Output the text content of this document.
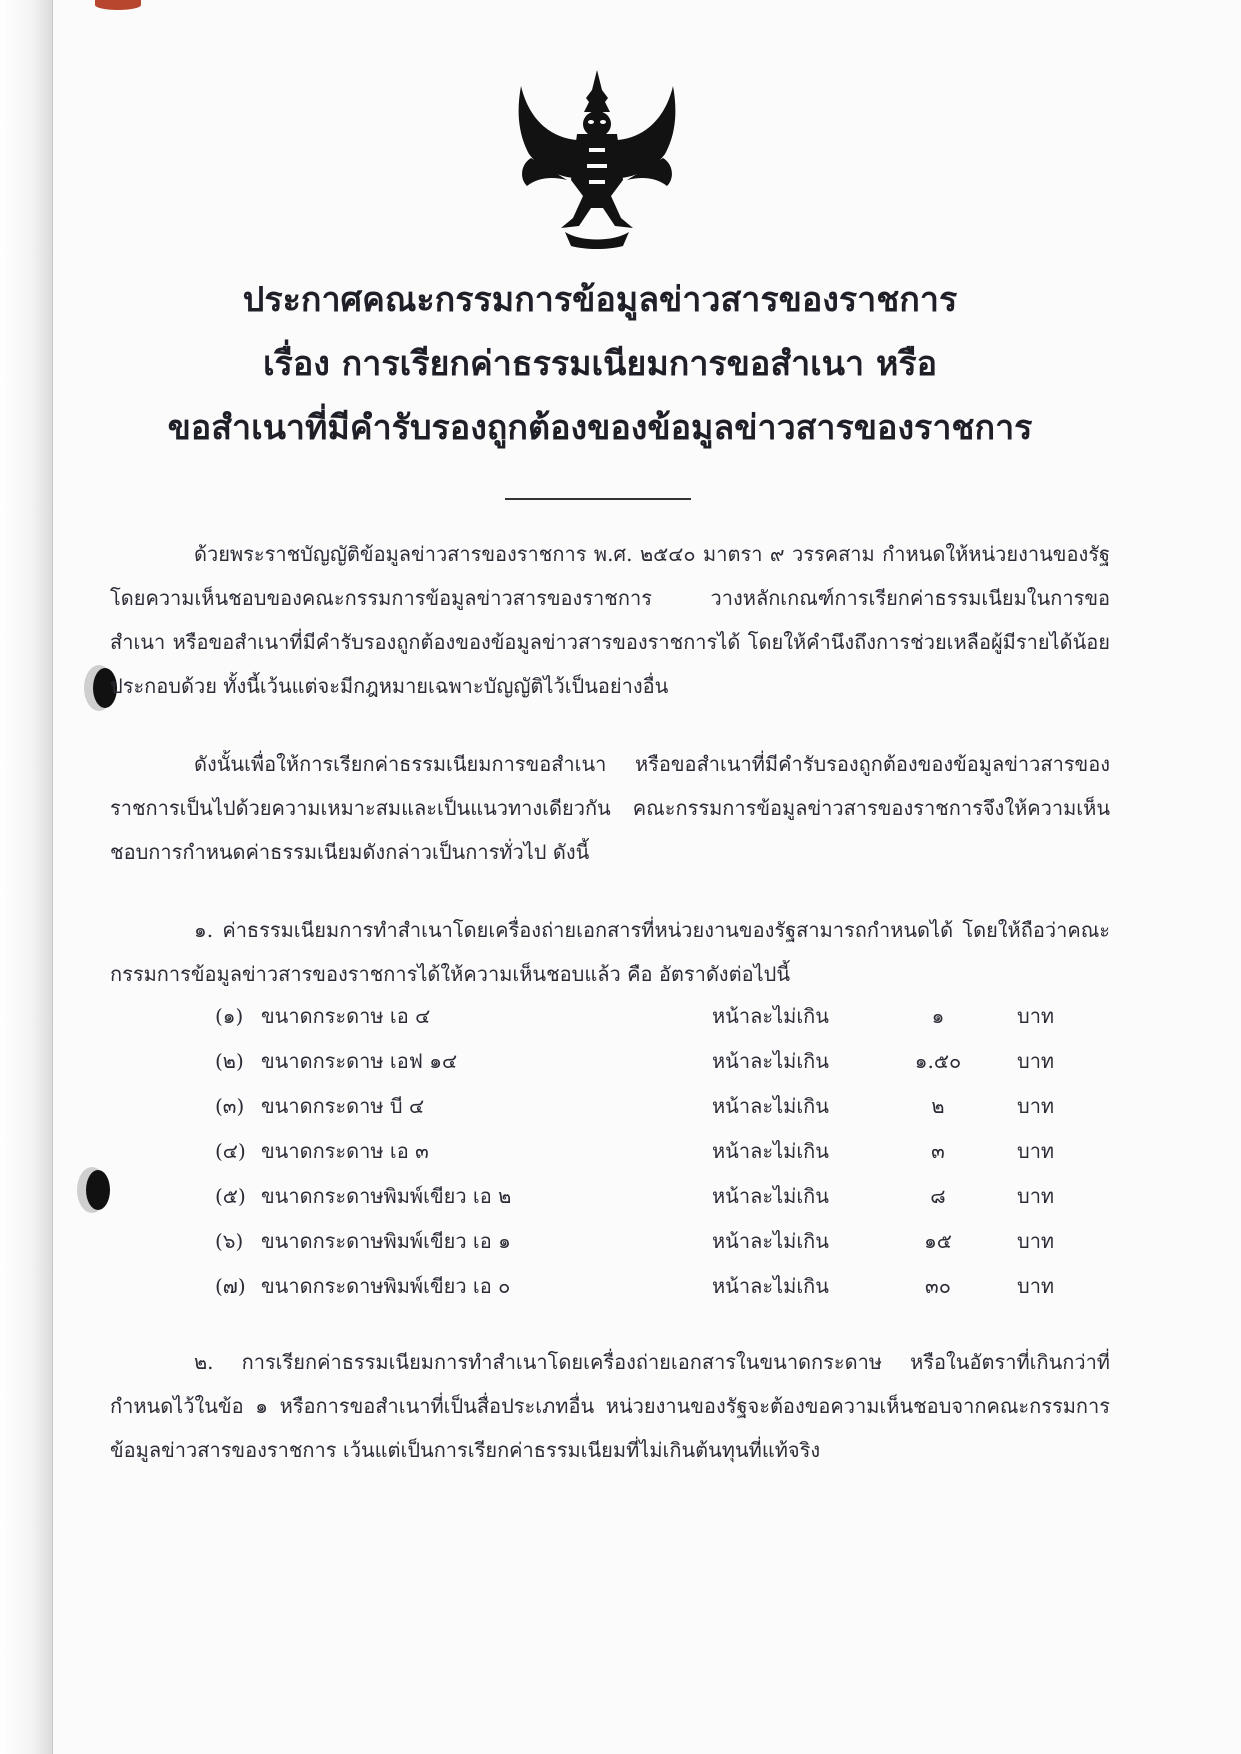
ประกาศคณะกรรมการข้อมูลข่าวสารของราชการ
เรื่อง การเรียกค่าธรรมเนียมการขอสำเนา หรือ
ขอสำเนาที่มีคำรับรองถูกต้องของข้อมูลข่าวสารของราชการ
ด้วยพระราชบัญญัติข้อมูลข่าวสารของราชการ พ.ศ. ๒๕๔๐ มาตรา ๙ วรรคสาม กำหนดให้หน่วยงานของรัฐโดยความเห็นชอบของคณะกรรมการข้อมูลข่าวสารของราชการ วางหลักเกณฑ์การเรียกค่าธรรมเนียมในการขอสำเนา หรือขอสำเนาที่มีคำรับรองถูกต้องของข้อมูลข่าวสารของราชการได้ โดยให้คำนึงถึงการช่วยเหลือผู้มีรายได้น้อยประกอบด้วย ทั้งนี้เว้นแต่จะมีกฎหมายเฉพาะบัญญัติไว้เป็นอย่างอื่น
ดังนั้นเพื่อให้การเรียกค่าธรรมเนียมการขอสำเนา หรือขอสำเนาที่มีคำรับรองถูกต้องของข้อมูลข่าวสารของราชการเป็นไปด้วยความเหมาะสมและเป็นแนวทางเดียวกัน คณะกรรมการข้อมูลข่าวสารของราชการจึงให้ความเห็นชอบการกำหนดค่าธรรมเนียมดังกล่าวเป็นการทั่วไป ดังนี้
๑. ค่าธรรมเนียมการทำสำเนาโดยเครื่องถ่ายเอกสารที่หน่วยงานของรัฐสามารถกำหนดได้ โดยให้ถือว่าคณะกรรมการข้อมูลข่าวสารของราชการได้ให้ความเห็นชอบแล้ว คือ อัตราดังต่อไปนี้
(๑) ขนาดกระดาษ เอ ๔	หน้าละไม่เกิน	๑	บาท
(๒) ขนาดกระดาษ เอฟ ๑๔	หน้าละไม่เกิน	๑.๕๐	บาท
(๓) ขนาดกระดาษ บี ๔	หน้าละไม่เกิน	๒	บาท
(๔) ขนาดกระดาษ เอ ๓	หน้าละไม่เกิน	๓	บาท
(๕) ขนาดกระดาษพิมพ์เขียว เอ ๒	หน้าละไม่เกิน	๘	บาท
(๖) ขนาดกระดาษพิมพ์เขียว เอ ๑	หน้าละไม่เกิน	๑๕	บาท
(๗) ขนาดกระดาษพิมพ์เขียว เอ ๐	หน้าละไม่เกิน	๓๐	บาท
๒. การเรียกค่าธรรมเนียมการทำสำเนาโดยเครื่องถ่ายเอกสารในขนาดกระดาษ หรือในอัตราที่เกินกว่าที่กำหนดไว้ในข้อ ๑ หรือการขอสำเนาที่เป็นสื่อประเภทอื่น หน่วยงานของรัฐจะต้องขอความเห็นชอบจากคณะกรรมการข้อมูลข่าวสารของราชการ เว้นแต่เป็นการเรียกค่าธรรมเนียมที่ไม่เกินต้นทุนที่แท้จริง
